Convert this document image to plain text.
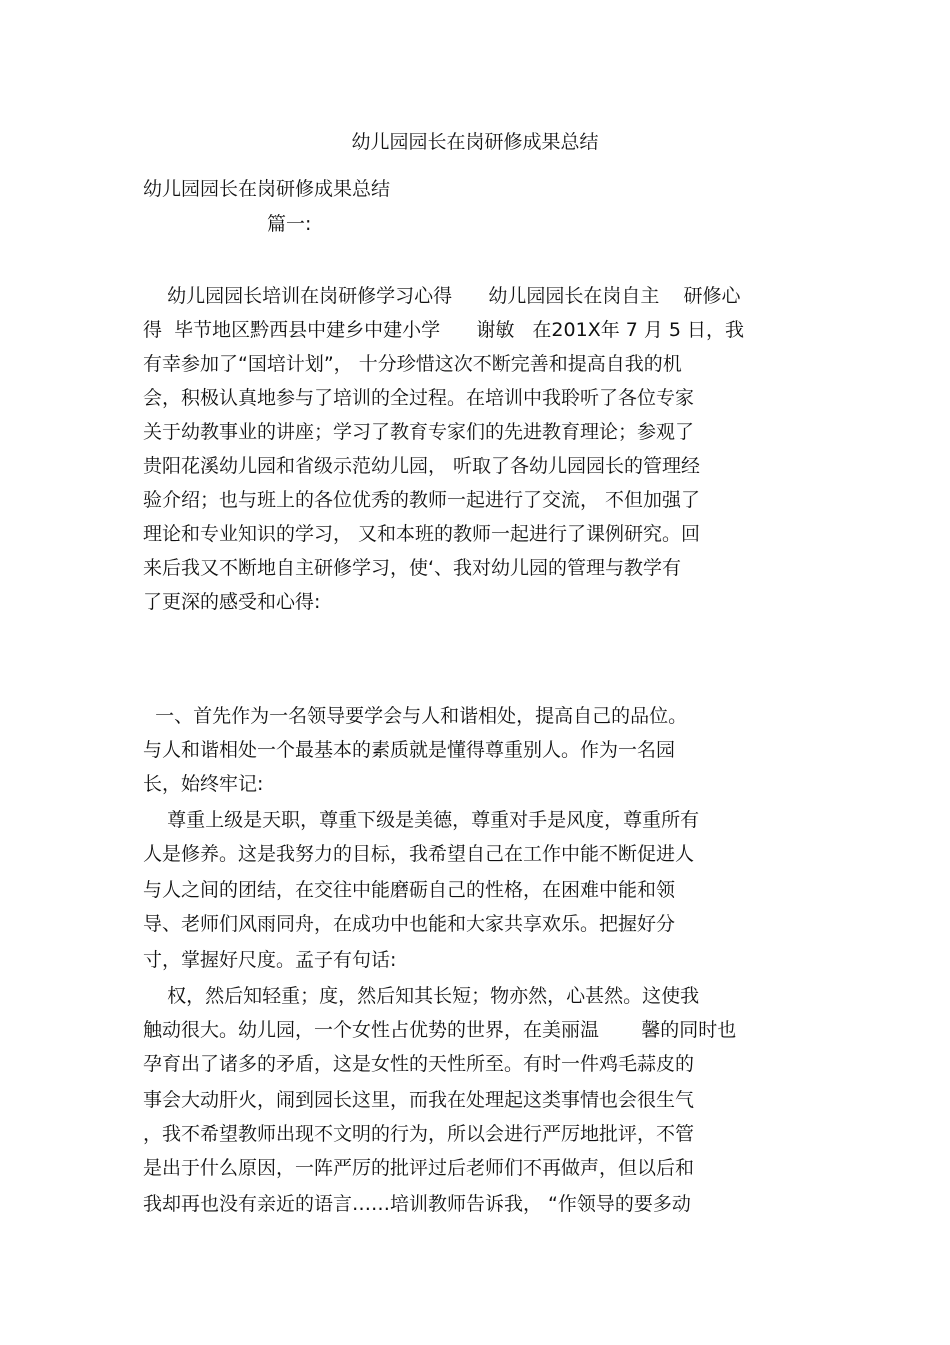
幼儿园园长在岗研修成果总结
幼儿园园长在岗研修成果总结
篇一:
幼儿园园长培训在岗研修学习心得      幼儿园园长在岗自主    研修心
得  毕节地区黔西县中建乡中建小学      谢敏   在201X年 7 月 5 日，我
有幸参加了“国培计划”， 十分珍惜这次不断完善和提高自我的机
会，积极认真地参与了培训的全过程。在培训中我聆听了各位专家
关于幼教事业的讲座；学习了教育专家们的先进教育理论；参观了
贵阳花溪幼儿园和省级示范幼儿园， 听取了各幼儿园园长的管理经
验介绍；也与班上的各位优秀的教师一起进行了交流， 不但加强了
理论和专业知识的学习， 又和本班的教师一起进行了课例研究。回
来后我又不断地自主研修学习，使‘、我对幼儿园的管理与教学有
了更深的感受和心得:
一、首先作为一名领导要学会与人和谐相处，提高自己的品位。
与人和谐相处一个最基本的素质就是懂得尊重别人。作为一名园
长，始终牢记:
尊重上级是天职，尊重下级是美德，尊重对手是风度，尊重所有
人是修养。这是我努力的目标，我希望自己在工作中能不断促进人
与人之间的团结，在交往中能磨砺自己的性格，在困难中能和领
导、老师们风雨同舟，在成功中也能和大家共享欢乐。把握好分
寸，掌握好尺度。孟子有句话:
权，然后知轻重；度，然后知其长短；物亦然，心甚然。这使我
触动很大。幼儿园，一个女性占优势的世界，在美丽温       馨的同时也
孕育出了诸多的矛盾，这是女性的天性所至。有时一件鸡毛蒜皮的
事会大动肝火，闹到园长这里，而我在处理起这类事情也会很生气
，我不希望教师出现不文明的行为，所以会进行严厉地批评，不管
是出于什么原因，一阵严厉的批评过后老师们不再做声，但以后和
我却再也没有亲近的语言……培训教师告诉我， “作领导的要多动
